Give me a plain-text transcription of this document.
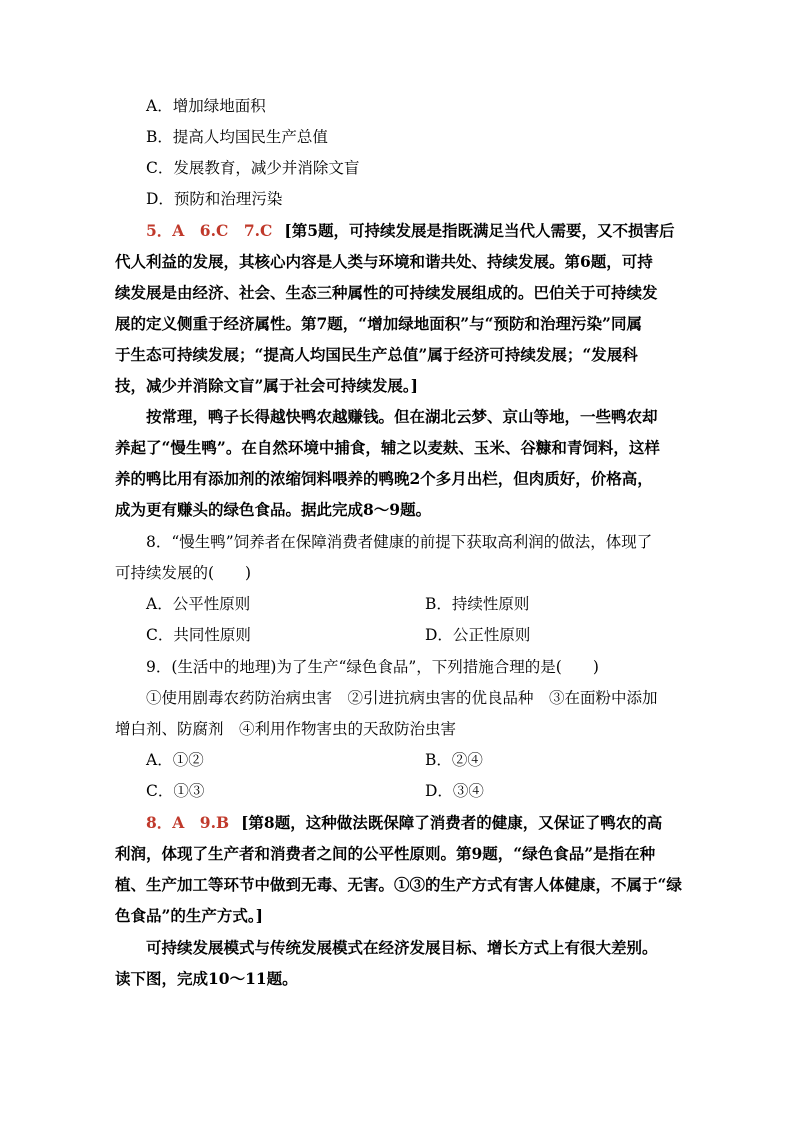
A．增加绿地面积
B．提高人均国民生产总值
C．发展教育，减少并消除文盲
D．预防和治理污染
5．A　6.C　7.C [第5题，可持续发展是指既满足当代人需要，又不损害后
代人利益的发展，其核心内容是人类与环境和谐共处、持续发展。第6题，可持
续发展是由经济、社会、生态三种属性的可持续发展组成的。巴伯关于可持续发
展的定义侧重于经济属性。第7题，“增加绿地面积”与“预防和治理污染”同属
于生态可持续发展；“提高人均国民生产总值”属于经济可持续发展；“发展科
技，减少并消除文盲”属于社会可持续发展。]
按常理，鸭子长得越快鸭农越赚钱。但在湖北云梦、京山等地，一些鸭农却
养起了“慢生鸭”。在自然环境中捕食，辅之以麦麸、玉米、谷糠和青饲料，这样
养的鸭比用有添加剂的浓缩饲料喂养的鸭晚2个多月出栏，但肉质好，价格高，
成为更有赚头的绿色食品。据此完成8～9题。
8．“慢生鸭”饲养者在保障消费者健康的前提下获取高利润的做法，体现了
可持续发展的(　　)
A．公平性原则	B．持续性原则
C．共同性原则	D．公正性原则
9．(生活中的地理)为了生产“绿色食品”，下列措施合理的是(　　)
①使用剧毒农药防治病虫害　②引进抗病虫害的优良品种　③在面粉中添加
增白剂、防腐剂　④利用作物害虫的天敌防治虫害
A．①②	B．②④
C．①③	D．③④
8．A　9.B [第8题，这种做法既保障了消费者的健康，又保证了鸭农的高
利润，体现了生产者和消费者之间的公平性原则。第9题，“绿色食品”是指在种
植、生产加工等环节中做到无毒、无害。①③的生产方式有害人体健康，不属于“绿
色食品”的生产方式。]
可持续发展模式与传统发展模式在经济发展目标、增长方式上有很大差别。
读下图，完成10～11题。
